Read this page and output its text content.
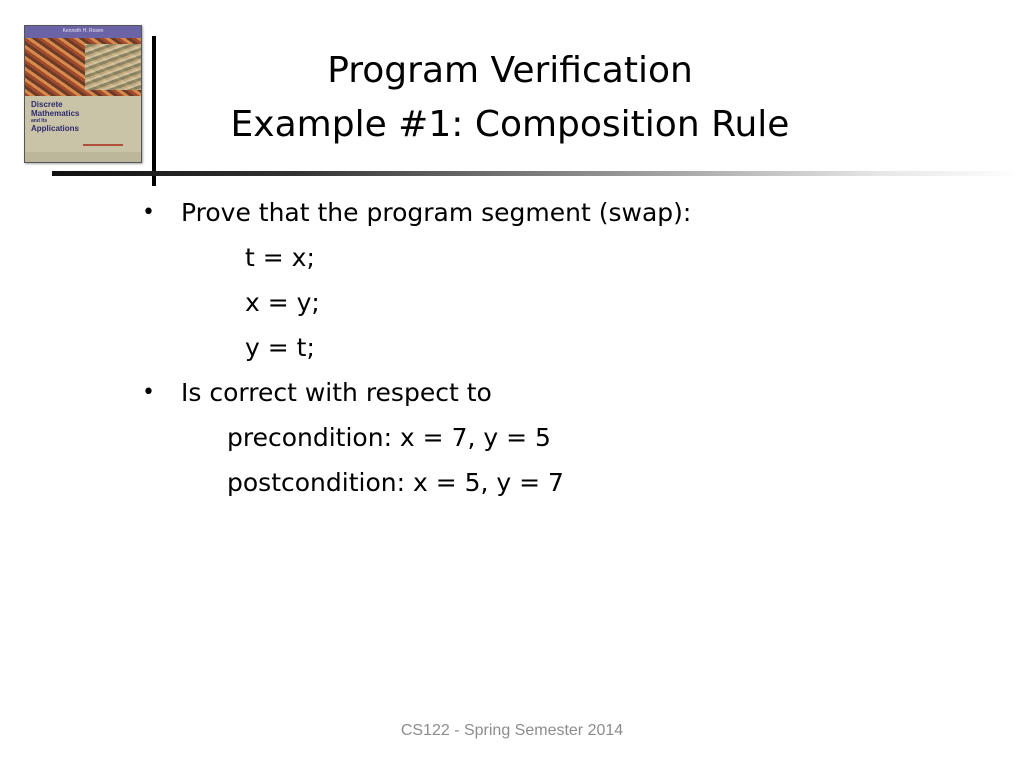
Kenneth H. Rosen
Discrete
Mathematics
and Its
Applications
Program Verification
Example #1: Composition Rule
• Prove that the program segment (swap):
t = x;
x = y;
y = t;
• Is correct with respect to
precondition: x = 7, y = 5
postcondition: x = 5, y = 7
CS122 - Spring Semester 2014
